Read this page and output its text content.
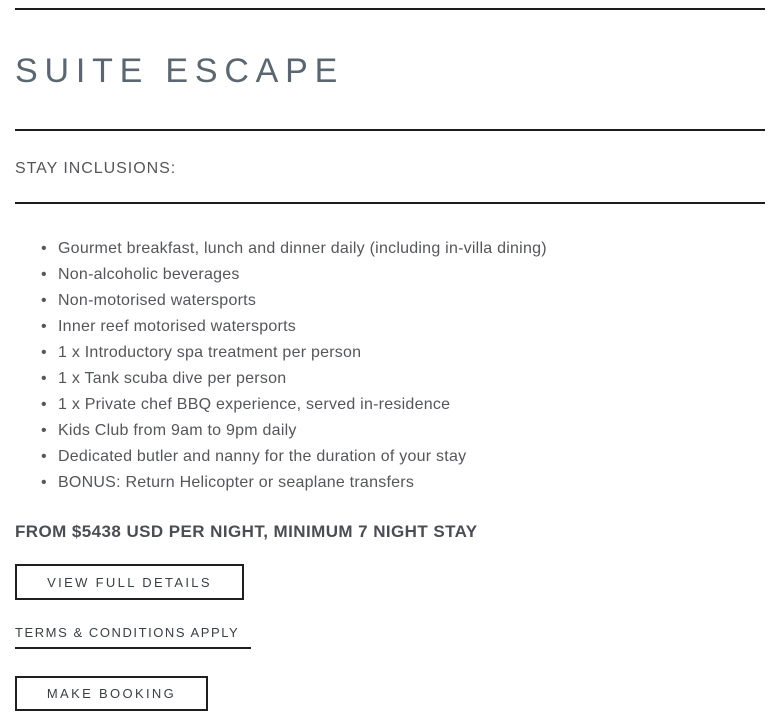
SUITE ESCAPE
STAY INCLUSIONS:
• Gourmet breakfast, lunch and dinner daily (including in-villa dining)
• Non-alcoholic beverages
• Non-motorised watersports
• Inner reef motorised watersports
• 1 x Introductory spa treatment per person
• 1 x Tank scuba dive per person
• 1 x Private chef BBQ experience, served in-residence
• Kids Club from 9am to 9pm daily
• Dedicated butler and nanny for the duration of your stay
• BONUS: Return Helicopter or seaplane transfers
FROM $5438 USD PER NIGHT, MINIMUM 7 NIGHT STAY
VIEW FULL DETAILS
TERMS & CONDITIONS APPLY
MAKE BOOKING
